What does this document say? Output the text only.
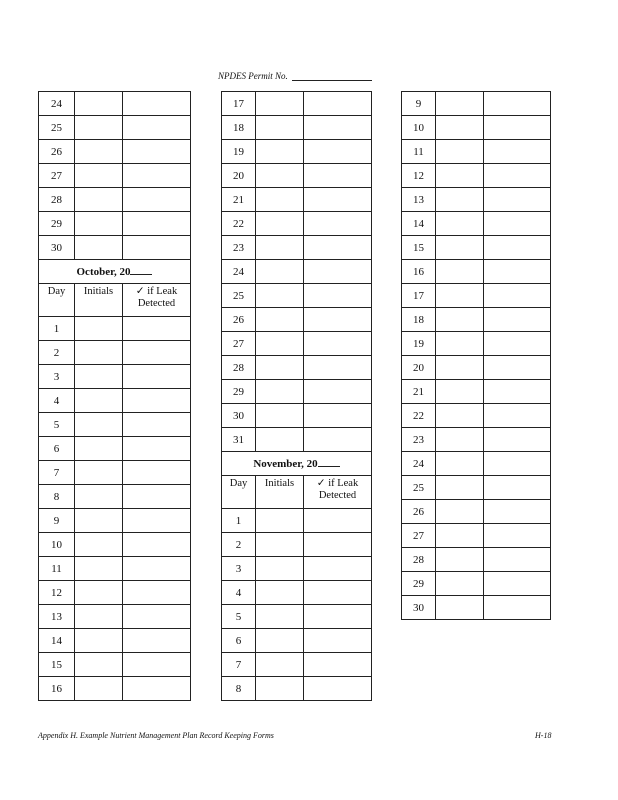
NPDES Permit No.
24		
25		
26		
27		
28		
29		
30		
October, 20		
Day	Initials	✓ if Leak Detected
1		
2		
3		
4		
5		
6		
7		
8		
9		
10		
11		
12		
13		
14		
15		
16		
17		
18		
19		
20		
21		
22		
23		
24		
25		
26		
27		
28		
29		
30		
31		
November, 20		
Day	Initials	✓ if Leak Detected
1		
2		
3		
4		
5		
6		
7		
8		
9		
10		
11		
12		
13		
14		
15		
16		
17		
18		
19		
20		
21		
22		
23		
24		
25		
26		
27		
28		
29		
30		
Appendix H. Example Nutrient Management Plan Record Keeping Forms	H-18
